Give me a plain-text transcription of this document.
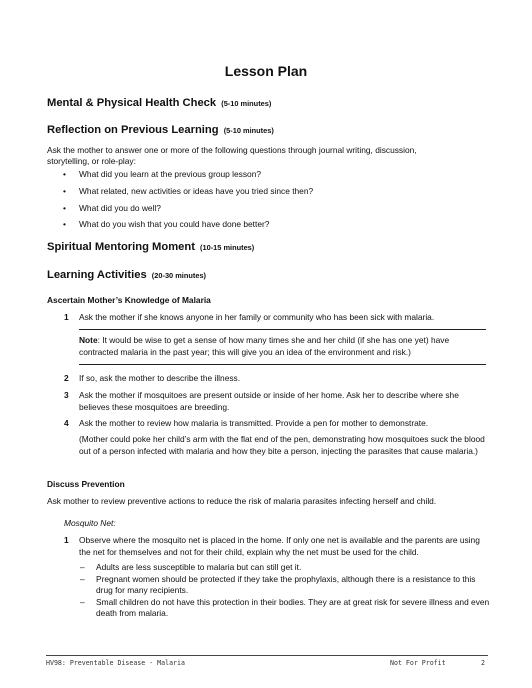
Lesson Plan
Mental & Physical Health Check (5-10 minutes)
Reflection on Previous Learning (5-10 minutes)
Ask the mother to answer one or more of the following questions through journal writing, discussion, storytelling, or role-play:
• What did you learn at the previous group lesson?
• What related, new activities or ideas have you tried since then?
• What did you do well?
• What do you wish that you could have done better?
Spiritual Mentoring Moment (10-15 minutes)
Learning Activities (20-30 minutes)
Ascertain Mother’s Knowledge of Malaria
1 Ask the mother if she knows anyone in her family or community who has been sick with malaria.
Note: It would be wise to get a sense of how many times she and her child (if she has one yet) have contracted malaria in the past year; this will give you an idea of the environment and risk.)
2 If so, ask the mother to describe the illness.
3 Ask the mother if mosquitoes are present outside or inside of her home. Ask her to describe where she believes these mosquitoes are breeding.
4 Ask the mother to review how malaria is transmitted. Provide a pen for mother to demonstrate.
(Mother could poke her child’s arm with the flat end of the pen, demonstrating how mosquitoes suck the blood out of a person infected with malaria and how they bite a person, injecting the parasites that cause malaria.)
Discuss Prevention
Ask mother to review preventive actions to reduce the risk of malaria parasites infecting herself and child.
Mosquito Net:
1 Observe where the mosquito net is placed in the home. If only one net is available and the parents are using the net for themselves and not for their child, explain why the net must be used for the child.
– Adults are less susceptible to malaria but can still get it.
– Pregnant women should be protected if they take the prophylaxis, although there is a resistance to this drug for many recipients.
– Small children do not have this protection in their bodies. They are at great risk for severe illness and even death from malaria.
HV98: Preventable Disease - Malaria	Not For Profit	2
